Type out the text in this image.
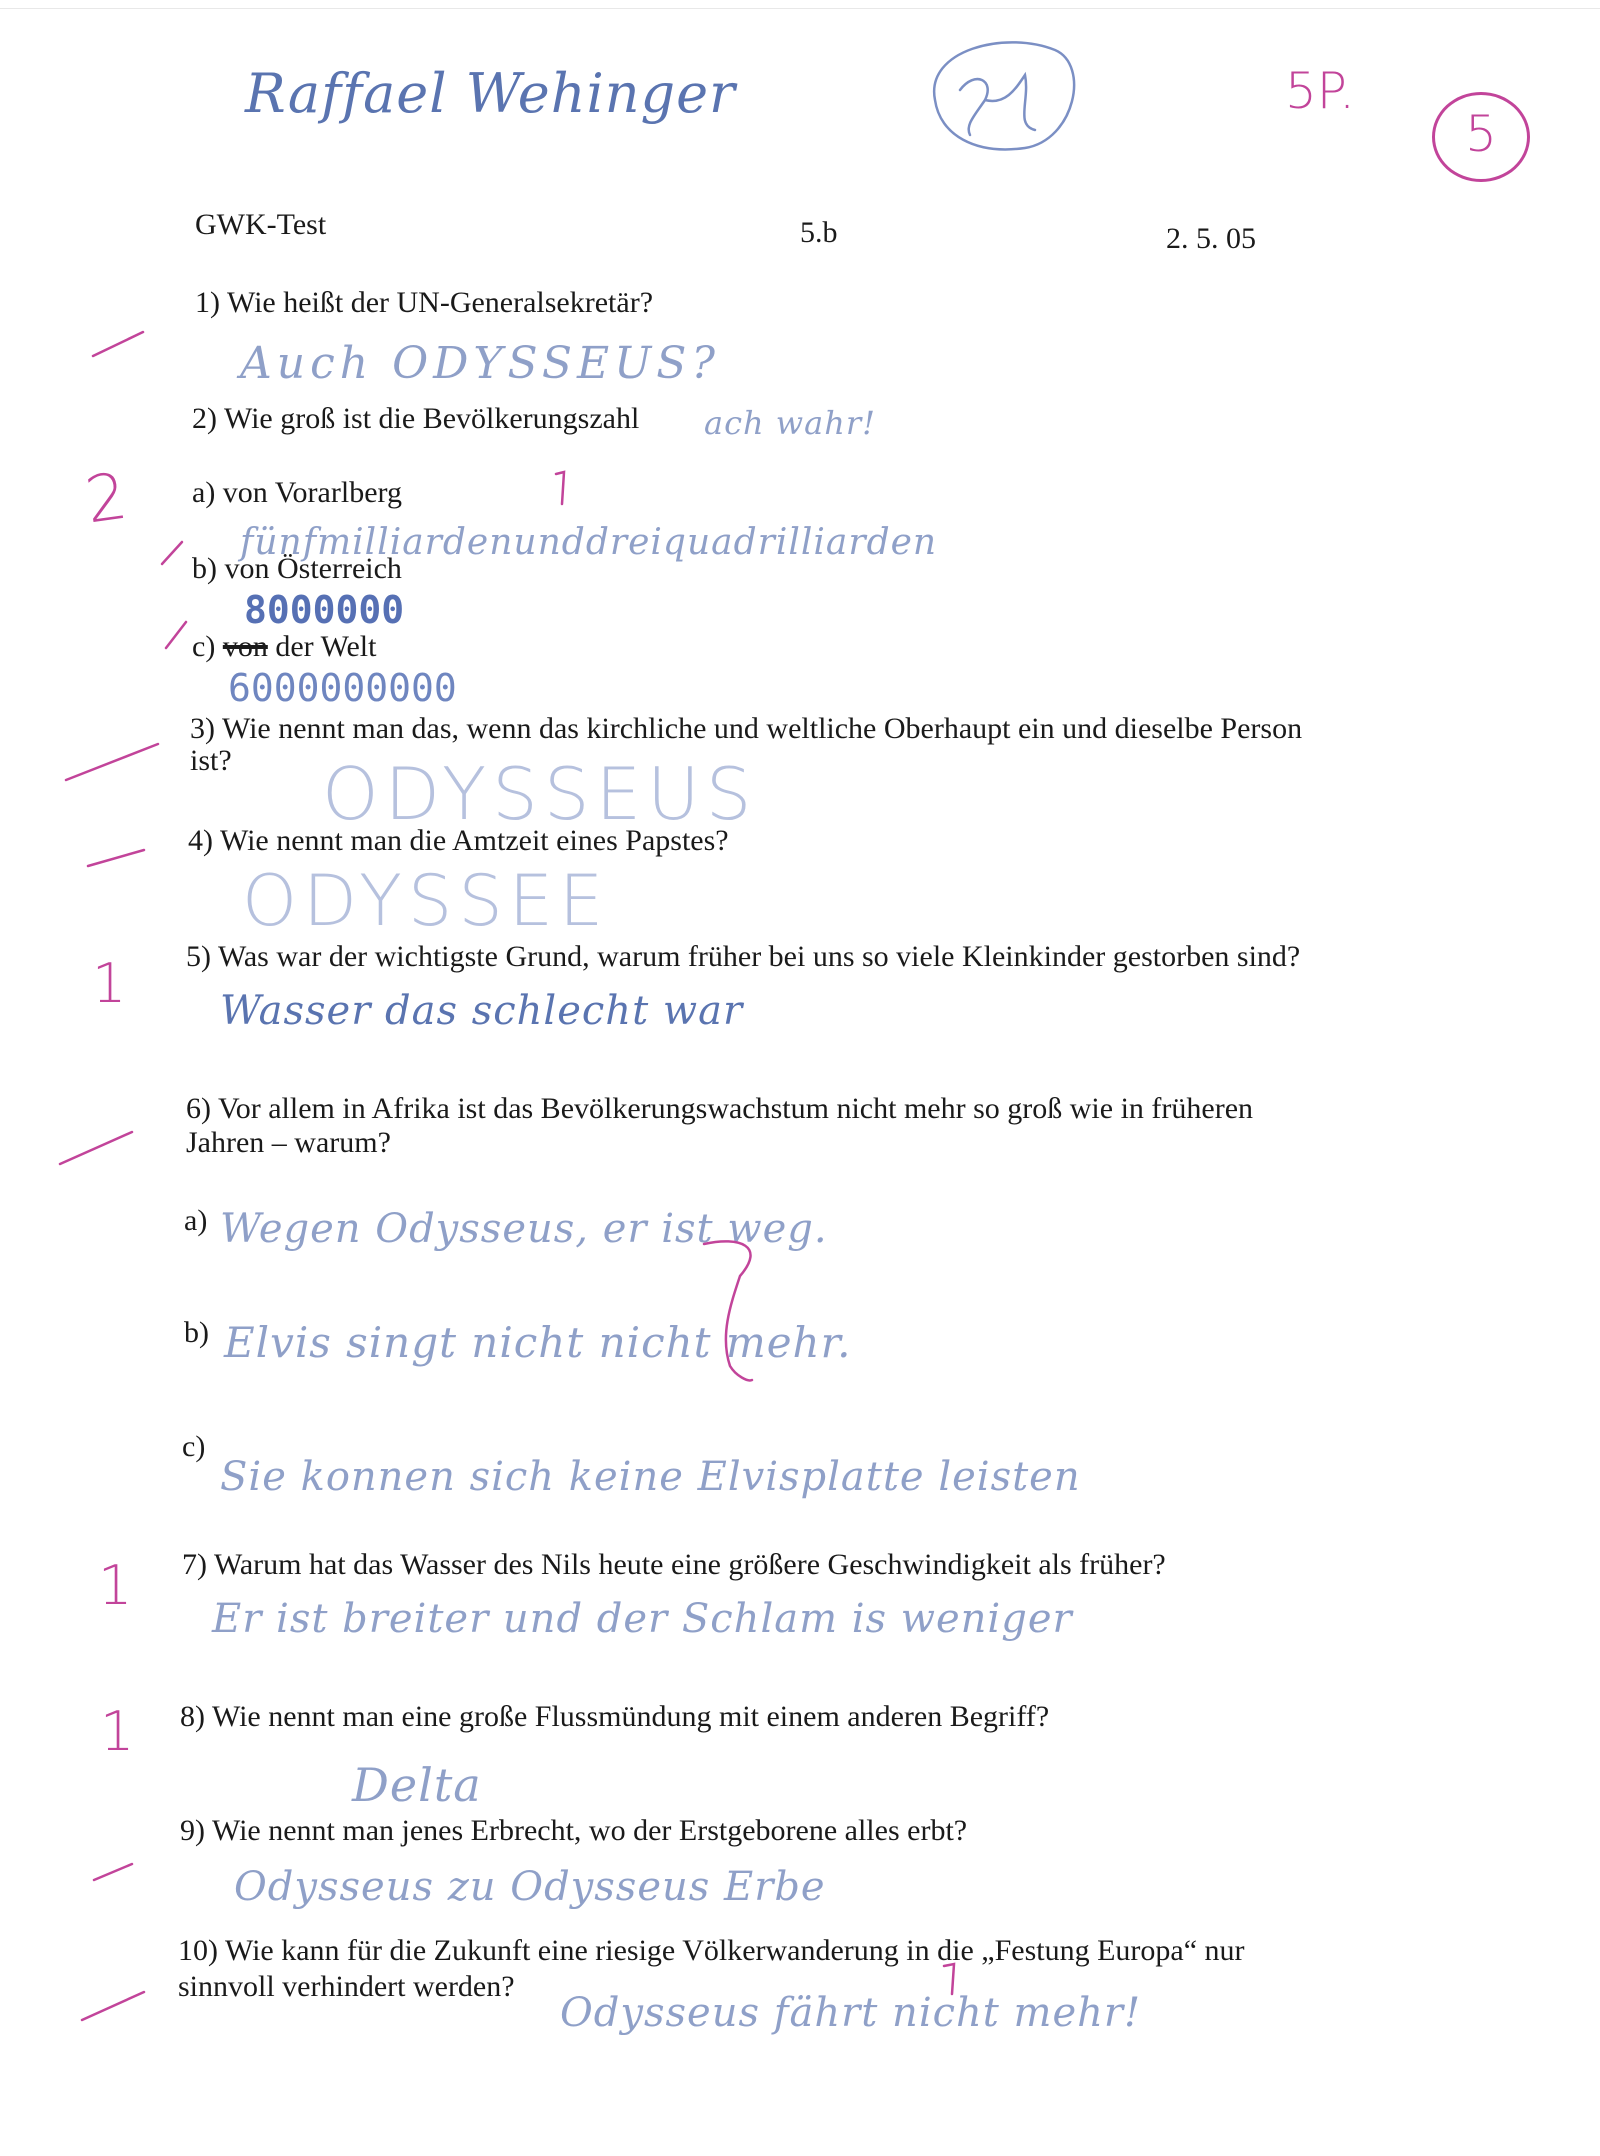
Raffael Wehinger	5P.
5
GWK-Test	5.b	2. 5. 05
1) Wie heißt der UN-Generalsekretär?
Auch ODYSSEUS?
2) Wie groß ist die Bevölkerungszahl ach wahr!
2 a) von Vorarlberg
fünfmilliardenunddreiquadrilliarden
b) von Österreich
8000000
c) von der Welt
6000000000
3) Wie nennt man das, wenn das kirchliche und weltliche Oberhaupt ein und dieselbe Person
ist? ODYSSEUS
4) Wie nennt man die Amtzeit eines Papstes?
ODYSSEE
5) Was war der wichtigste Grund, warum früher bei uns so viele Kleinkinder gestorben sind?
Wasser das schlecht war
1
6) Vor allem in Afrika ist das Bevölkerungswachstum nicht mehr so groß wie in früheren
Jahren – warum?
a) Wegen Odysseus, er ist weg.
b) Elvis singt nicht nicht mehr.
c)
Sie konnen sich keine Elvisplatte leisten
7) Warum hat das Wasser des Nils heute eine größere Geschwindigkeit als früher?
Er ist breiter und der Schlam is weniger
1
8) Wie nennt man eine große Flussmündung mit einem anderen Begriff?
Delta
1
9) Wie nennt man jenes Erbrecht, wo der Erstgeborene alles erbt?
Odysseus zu Odysseus Erbe
10) Wie kann für die Zukunft eine riesige Völkerwanderung in die „Festung Europa“ nur
sinnvoll verhindert werden?
Odysseus fährt nicht mehr!
